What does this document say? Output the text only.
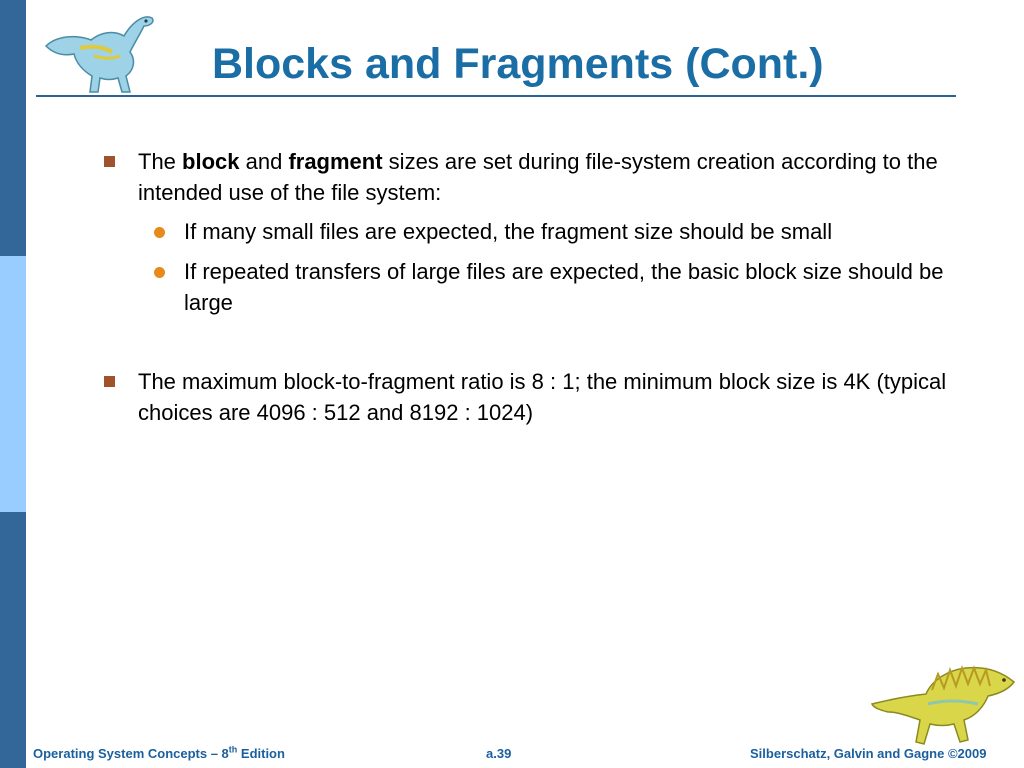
Blocks and Fragments (Cont.)
The block and fragment sizes are set during file-system creation according to the intended use of the file system:
If many small files are expected, the fragment size should be small
If repeated transfers of large files are expected, the basic block size should be large
The maximum block-to-fragment ratio is 8 : 1; the minimum block size is 4K (typical choices are 4096 : 512 and 8192 : 1024)
Operating System Concepts – 8th Edition	a.39	Silberschatz, Galvin and Gagne ©2009
